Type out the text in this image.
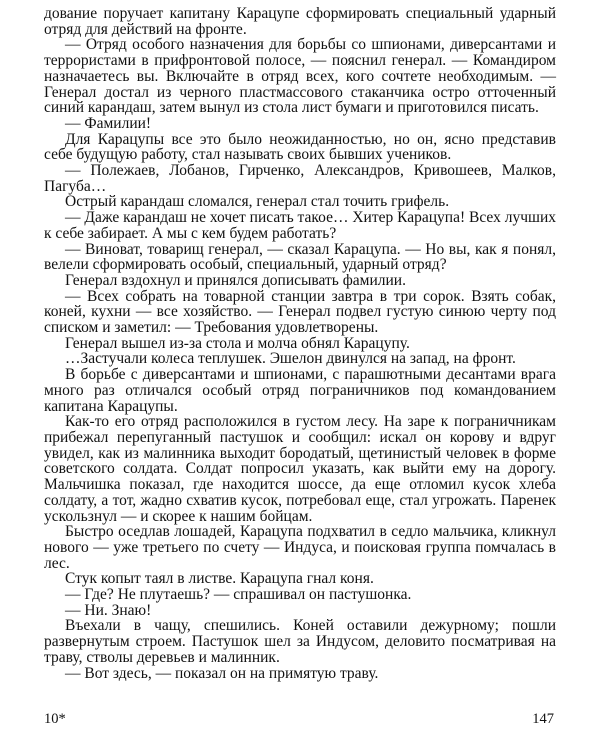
дование поручает капитану Карацупе сформировать специальный ударный отряд для действий на фронте.

— Отряд особого назначения для борьбы со шпионами, диверсантами и террористами в прифронтовой полосе, — пояснил генерал. — Командиром назначаетесь вы. Включайте в отряд всех, кого сочтете необходимым. — Генерал достал из черного пластмассового стаканчика остро отточенный синий карандаш, затем вынул из стола лист бумаги и приготовился писать.

— Фамилии!

Для Карацупы все это было неожиданностью, но он, ясно представив себе будущую работу, стал называть своих бывших учеников.

— Полежаев, Лобанов, Гирченко, Александров, Кривошеев, Малков, Пагуба…

Острый карандаш сломался, генерал стал точить грифель.

— Даже карандаш не хочет писать такое… Хитер Карацупа! Всех лучших к себе забирает. А мы с кем будем работать?

— Виноват, товарищ генерал, — сказал Карацупа. — Но вы, как я понял, велели сформировать особый, специальный, ударный отряд?

Генерал вздохнул и принялся дописывать фамилии.

— Всех собрать на товарной станции завтра в три сорок. Взять собак, коней, кухни — все хозяйство. — Генерал подвел густую синюю черту под списком и заметил: — Требования удовлетворены.

Генерал вышел из-за стола и молча обнял Карацупу.

…Застучали колеса теплушек. Эшелон двинулся на запад, на фронт.

В борьбе с диверсантами и шпионами, с парашютными десантами врага много раз отличался особый отряд пограничников под командованием капитана Карацупы.

Как-то его отряд расположился в густом лесу. На заре к пограничникам прибежал перепуганный пастушок и сообщил: искал он корову и вдруг увидел, как из малинника выходит бородатый, щетинистый человек в форме советского солдата. Солдат попросил указать, как выйти ему на дорогу. Мальчишка показал, где находится шоссе, да еще отломил кусок хлеба солдату, а тот, жадно схватив кусок, потребовал еще, стал угрожать. Паренек ускользнул — и скорее к нашим бойцам.

Быстро оседлав лошадей, Карацупа подхватил в седло мальчика, кликнул нового — уже третьего по счету — Индуса, и поисковая группа помчалась в лес.

Стук копыт таял в листве. Карацупа гнал коня.

— Где? Не плутаешь? — спрашивал он пастушонка.

— Ни. Знаю!

Въехали в чащу, спешились. Коней оставили дежурному; пошли развернутым строем. Пастушок шел за Индусом, деловито посматривая на траву, стволы деревьев и малинник.

— Вот здесь, — показал он на примятую траву.

10*	147
